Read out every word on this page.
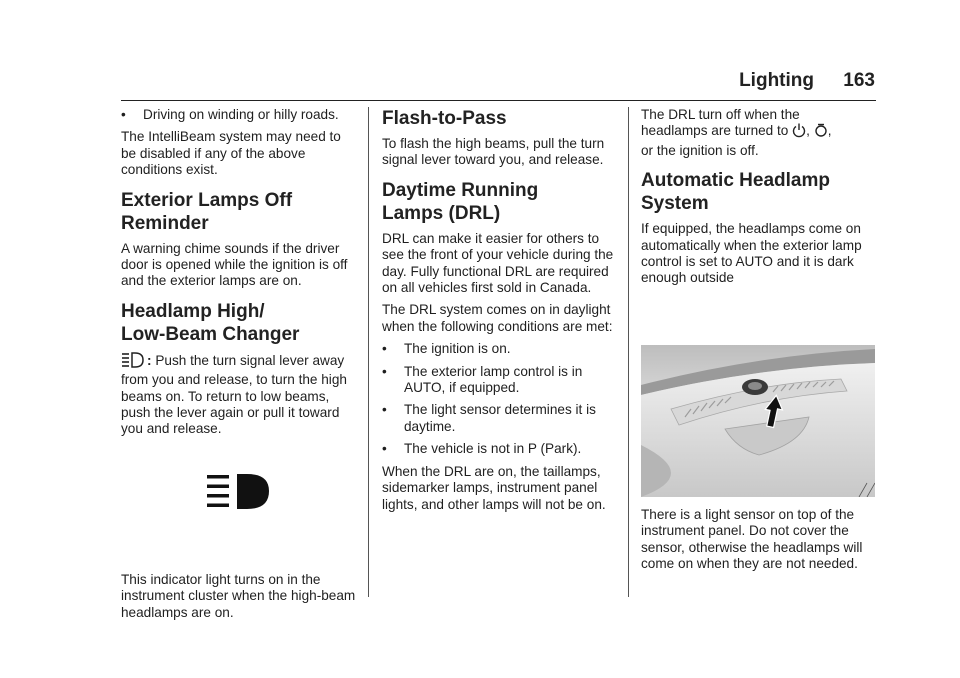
Lighting 163

• Driving on winding or hilly roads.

The IntelliBeam system may need to be disabled if any of the above conditions exist.

Exterior Lamps Off
Reminder

A warning chime sounds if the driver door is opened while the ignition is off and the exterior lamps are on.

Headlamp High/
Low-Beam Changer

: Push the turn signal lever away from you and release, to turn the high beams on. To return to low beams, push the lever again or pull it toward you and release.

This indicator light turns on in the instrument cluster when the high-beam headlamps are on.

Flash-to-Pass

To flash the high beams, pull the turn signal lever toward you, and release.

Daytime Running
Lamps (DRL)

DRL can make it easier for others to see the front of your vehicle during the day. Fully functional DRL are required on all vehicles first sold in Canada.

The DRL system comes on in daylight when the following conditions are met:

• The ignition is on.

• The exterior lamp control is in AUTO, if equipped.

• The light sensor determines it is daytime.

• The vehicle is not in P (Park).

When the DRL are on, the taillamps, sidemarker lamps, instrument panel lights, and other lamps will not be on.

The DRL turn off when the
headlamps are turned to , ,
or the ignition is off.

Automatic Headlamp
System

If equipped, the headlamps come on automatically when the exterior lamp control is set to AUTO and it is dark enough outside

There is a light sensor on top of the instrument panel. Do not cover the sensor, otherwise the headlamps will come on when they are not needed.
